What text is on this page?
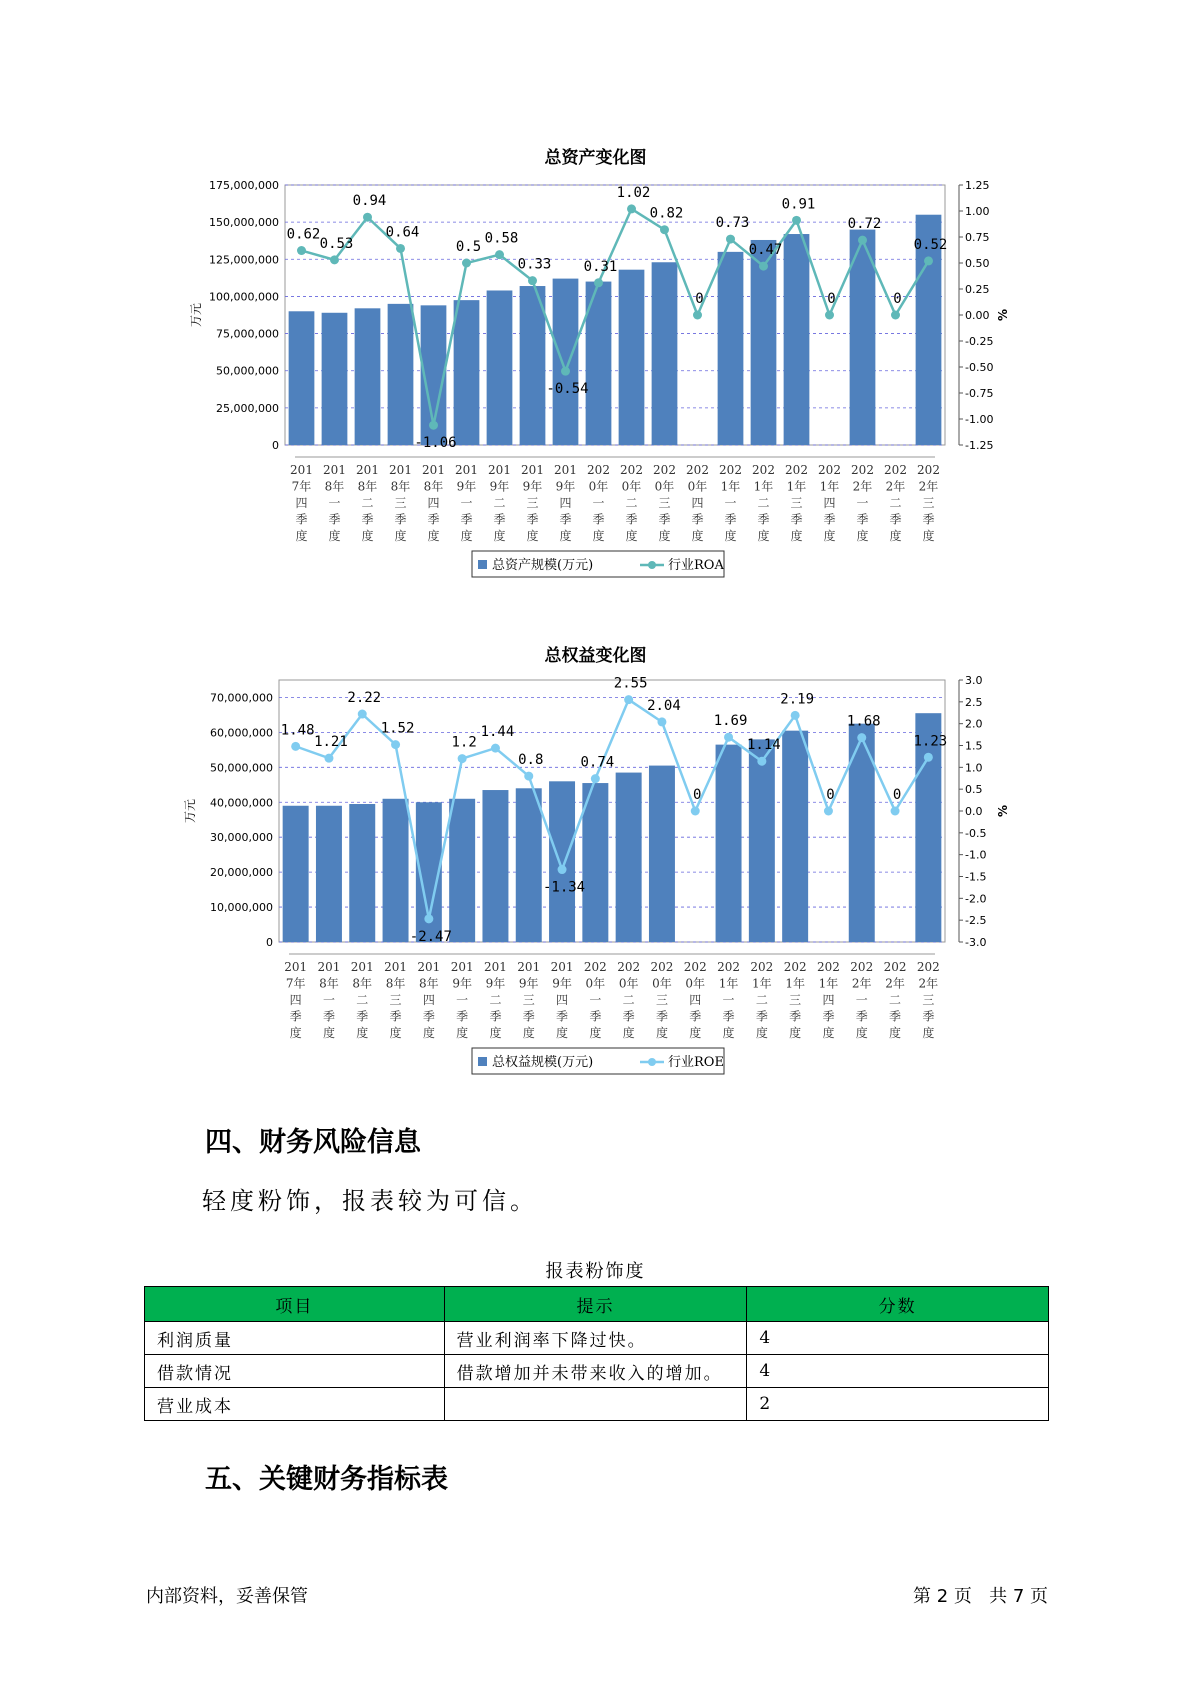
总资产变化图
175,000,000
150,000,000
125,000,000
100,000,000
75,000,000
50,000,000
25,000,000
0
1.25
1.00
0.75
0.50
0.25
0.00
-0.25
-0.50
-0.75
-1.00
-1.25
万元	%
0.62
0.53
0.94
0.64
-1.06
0.5
0.58
0.33
-0.54
0.31
1.02
0.82
0
0.73
0.47
0.91
0
0.72
0
0.52
201
7年
四
季
度
201
8年
一
季
度
201
8年
二
季
度
201
8年
三
季
度
201
8年
四
季
度
201
9年
一
季
度
201
9年
二
季
度
201
9年
三
季
度
201
9年
四
季
度
202
0年
一
季
度
202
0年
二
季
度
202
0年
三
季
度
202
0年
四
季
度
202
1年
一
季
度
202
1年
二
季
度
202
1年
三
季
度
202
1年
四
季
度
202
2年
一
季
度
202
2年
二
季
度
202
2年
三
季
度
总资产规模(万元)	行业ROA
总权益变化图
70,000,000
60,000,000
50,000,000
40,000,000
30,000,000
20,000,000
10,000,000
0
3.0
2.5
2.0
1.5
1.0
0.5
0.0
-0.5
-1.0
-1.5
-2.0
-2.5
-3.0
万元	%
1.48
1.21
2.22
1.52
-2.47
1.2
1.44
0.8
-1.34
0.74
2.55
2.04
0
1.69
1.14
2.19
0
1.68
0
1.23
201
7年
四
季
度
201
8年
一
季
度
201
8年
二
季
度
201
8年
三
季
度
201
8年
四
季
度
201
9年
一
季
度
201
9年
二
季
度
201
9年
三
季
度
201
9年
四
季
度
202
0年
一
季
度
202
0年
二
季
度
202
0年
三
季
度
202
0年
四
季
度
202
1年
一
季
度
202
1年
二
季
度
202
1年
三
季
度
202
1年
四
季
度
202
2年
一
季
度
202
2年
二
季
度
202
2年
三
季
度
总权益规模(万元)	行业ROE
四、财务风险信息
轻度粉饰，报表较为可信。
报表粉饰度
项目	提示	分数
利润质量	营业利润率下降过快。	4
借款情况	借款增加并未带来收入的增加。	4
营业成本		2
五、关键财务指标表
内部资料，妥善保管	第 2 页   共 7 页
